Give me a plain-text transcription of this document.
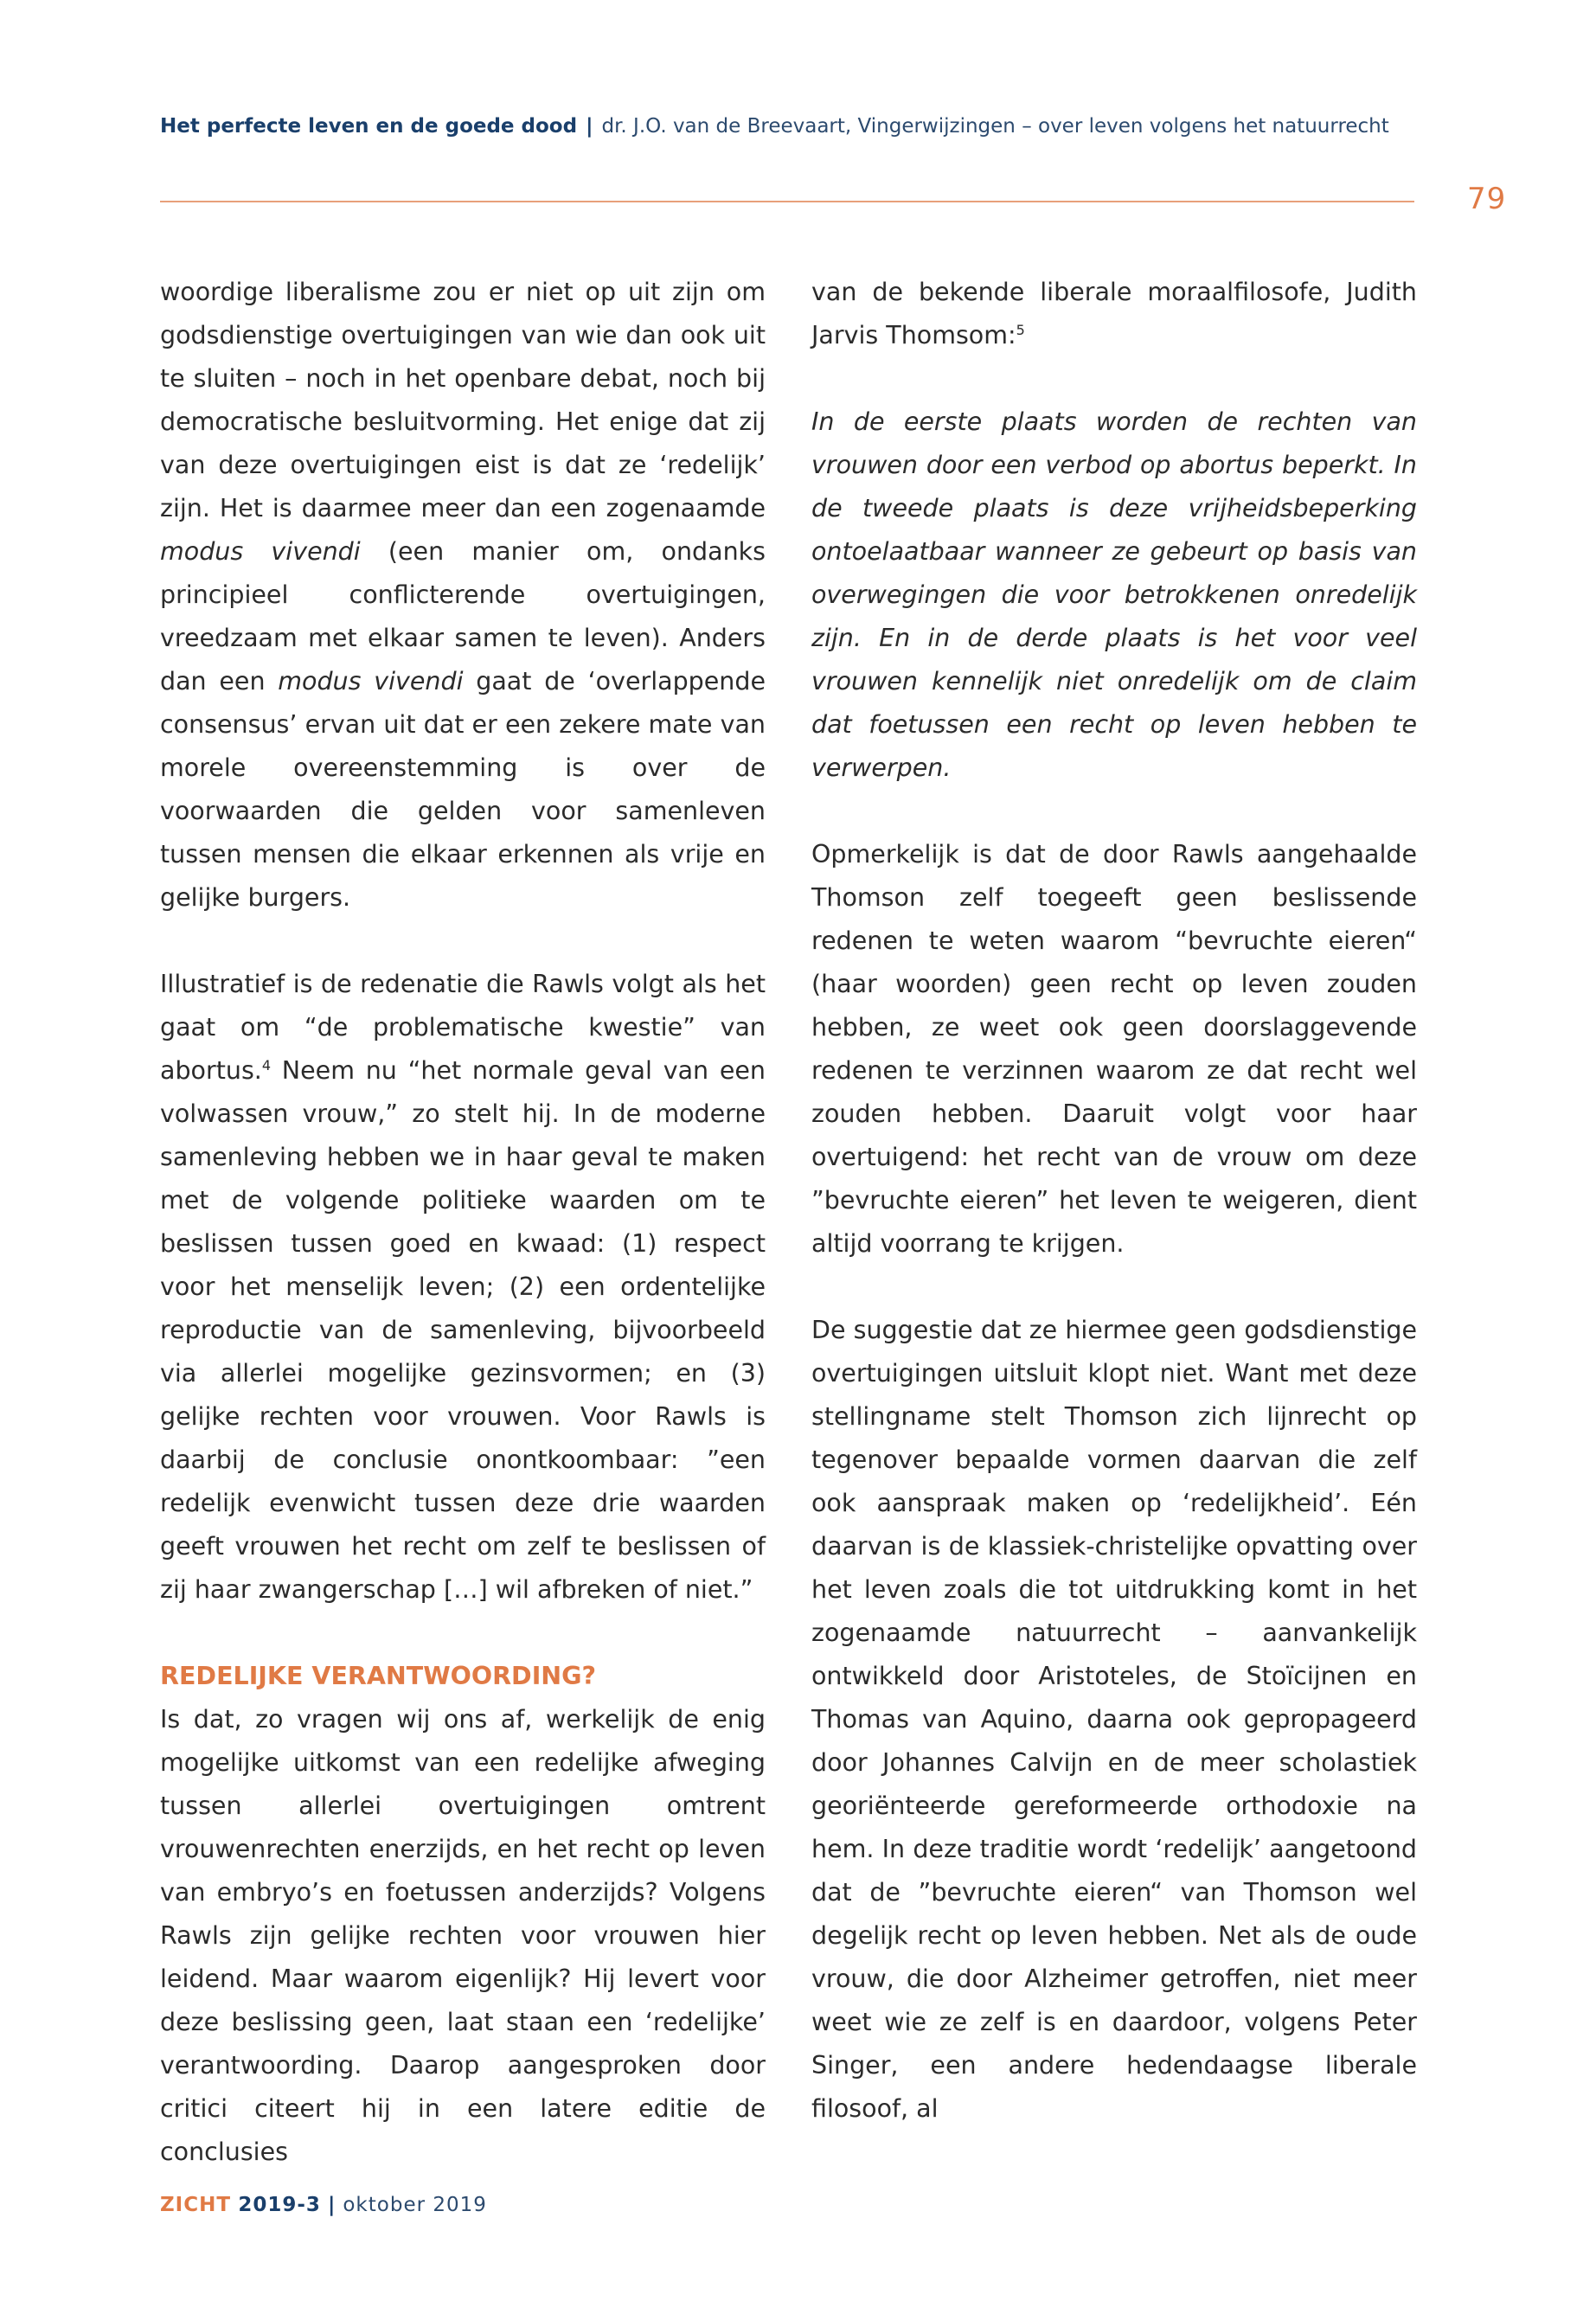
Het perfecte leven en de goede dood | dr. J.O. van de Breevaart, Vingerwijzingen – over leven volgens het natuurrecht
79

woordige liberalisme zou er niet op uit zijn om godsdienstige overtuigingen van wie dan ook uit te sluiten – noch in het openbare debat, noch bij democratische besluitvorming. Het enige dat zij van deze overtuigingen eist is dat ze ‘redelijk’ zijn. Het is daarmee meer dan een zogenaamde modus vivendi (een manier om, ondanks principieel conflicterende overtuigingen, vreedzaam met elkaar samen te leven). Anders dan een modus vivendi gaat de ‘overlappende consensus’ ervan uit dat er een zekere mate van morele overeenstemming is over de voorwaarden die gelden voor samenleven tussen mensen die elkaar erkennen als vrije en gelijke burgers.

Illustratief is de redenatie die Rawls volgt als het gaat om “de problematische kwestie” van abortus.$^4$ Neem nu “het normale geval van een volwassen vrouw,” zo stelt hij. In de moderne samenleving hebben we in haar geval te maken met de volgende politieke waarden om te beslissen tussen goed en kwaad: (1) respect voor het menselijk leven; (2) een ordentelijke reproductie van de samenleving, bijvoorbeeld via allerlei mogelijke gezinsvormen; en (3) gelijke rechten voor vrouwen. Voor Rawls is daarbij de conclusie onontkoombaar: ”een redelijk evenwicht tussen deze drie waarden geeft vrouwen het recht om zelf te beslissen of zij haar zwangerschap […] wil afbreken of niet.”

REDELIJKE VERANTWOORDING?

Is dat, zo vragen wij ons af, werkelijk de enig mogelijke uitkomst van een redelijke afweging tussen allerlei overtuigingen omtrent vrouwenrechten enerzijds, en het recht op leven van embryo’s en foetussen anderzijds? Volgens Rawls zijn gelijke rechten voor vrouwen hier leidend. Maar waarom eigenlijk? Hij levert voor deze beslissing geen, laat staan een ‘redelijke’ verantwoording. Daarop aangesproken door critici citeert hij in een latere editie de conclusies

van de bekende liberale moraalfilosofe, Judith Jarvis Thomsom:$^5$

In de eerste plaats worden de rechten van vrouwen door een verbod op abortus beperkt. In de tweede plaats is deze vrijheidsbeperking ontoelaatbaar wanneer ze gebeurt op basis van overwegingen die voor betrokkenen onredelijk zijn. En in de derde plaats is het voor veel vrouwen kennelijk niet onredelijk om de claim dat foetussen een recht op leven hebben te verwerpen.

Opmerkelijk is dat de door Rawls aangehaalde Thomson zelf toegeeft geen beslissende redenen te weten waarom “bevruchte eieren“ (haar woorden) geen recht op leven zouden hebben, ze weet ook geen doorslaggevende redenen te verzinnen waarom ze dat recht wel zouden hebben. Daaruit volgt voor haar overtuigend: het recht van de vrouw om deze ”bevruchte eieren” het leven te weigeren, dient altijd voorrang te krijgen.

De suggestie dat ze hiermee geen godsdienstige overtuigingen uitsluit klopt niet. Want met deze stellingname stelt Thomson zich lijnrecht op tegenover bepaalde vormen daarvan die zelf ook aanspraak maken op ‘redelijkheid’. Eén daarvan is de klassiek-christelijke opvatting over het leven zoals die tot uitdrukking komt in het zogenaamde natuurrecht – aanvankelijk ontwikkeld door Aristoteles, de Stoïcijnen en Thomas van Aquino, daarna ook gepropageerd door Johannes Calvijn en de meer scholastiek georiënteerde gereformeerde orthodoxie na hem. In deze traditie wordt ‘redelijk’ aangetoond dat de ”bevruchte eieren“ van Thomson wel degelijk recht op leven hebben. Net als de oude vrouw, die door Alzheimer getroffen, niet meer weet wie ze zelf is en daardoor, volgens Peter Singer, een andere hedendaagse liberale filosoof, al

ZICHT 2019-3 | oktober 2019
